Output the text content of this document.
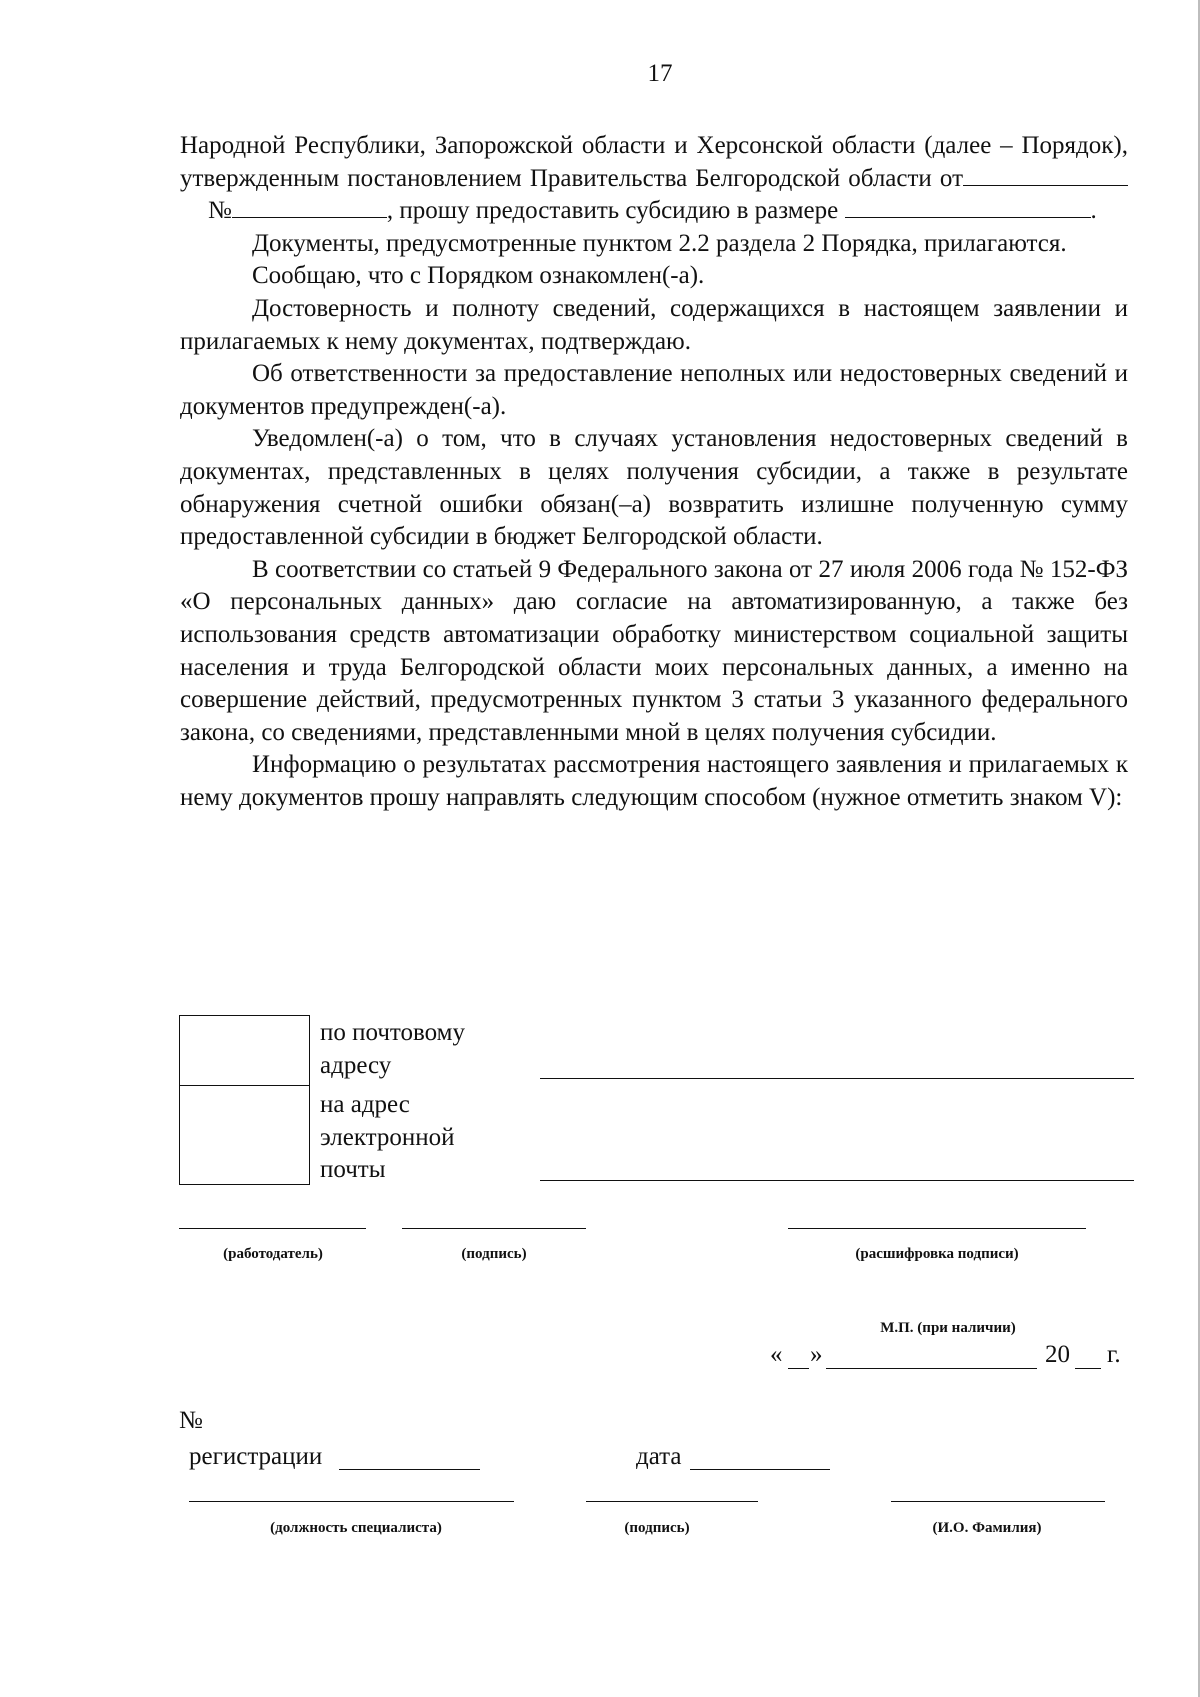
17

Народной Республики, Запорожской области и Херсонской области (далее – Порядок), утвержденным постановлением Правительства Белгородской области от№	, прошу предоставить субсидию в размере	.

Документы, предусмотренные пунктом 2.2 раздела 2 Порядка, прилагаются.

Сообщаю, что с Порядком ознакомлен(-а).

Достоверность и полноту сведений, содержащихся в настоящем заявлении и прилагаемых к нему документах, подтверждаю.

Об ответственности за предоставление неполных или недостоверных сведений и документов предупрежден(-а).

Уведомлен(-а) о том, что в случаях установления недостоверных сведений в документах, представленных в целях получения субсидии, а также в результате обнаружения счетной ошибки обязан(–а) возвратить излишне полученную сумму предоставленной субсидии в бюджет Белгородской области.

В соответствии со статьей 9 Федерального закона от 27 июля 2006 года № 152-ФЗ «О персональных данных» даю согласие на автоматизированную, а также без использования средств автоматизации обработку министерством социальной защиты населения и труда Белгородской области моих персональных данных, а именно на совершение действий, предусмотренных пунктом 3 статьи 3 указанного федерального закона, со сведениями, представленными мной в целях получения субсидии.

Информацию о результатах рассмотрения настоящего заявления и прилагаемых к нему документов прошу направлять следующим способом (нужное отметить знаком V):

по почтовому
адресу
на адрес
электронной
почты
(работодатель)	(подпись)	(расшифровка подписи)
М.П. (при наличии)
« »	20 г.
№
регистрации	дата
(должность специалиста)	(подпись)	(И.О. Фамилия)
